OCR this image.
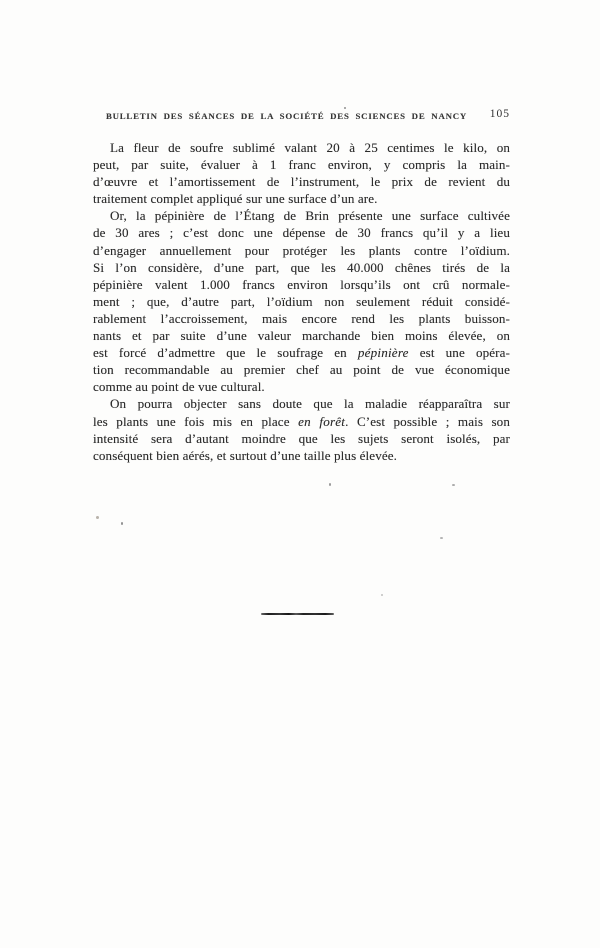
BULLETIN DES SÉANCES DE LA SOCIÉTÉ DES SCIENCES DE NANCY	105
La fleur de soufre sublimé valant 20 à 25 centimes le kilo, on
peut, par suite, évaluer à 1 franc environ, y compris la main-
d’œuvre et l’amortissement de l’instrument, le prix de revient du
traitement complet appliqué sur une surface d’un are.
Or, la pépinière de l’Étang de Brin présente une surface cultivée
de 30 ares ; c’est donc une dépense de 30 francs qu’il y a lieu
d’engager annuellement pour protéger les plants contre l’oïdium.
Si l’on considère, d’une part, que les 40.000 chênes tirés de la
pépinière valent 1.000 francs environ lorsqu’ils ont crû normale-
ment ; que, d’autre part, l’oïdium non seulement réduit considé-
rablement l’accroissement, mais encore rend les plants buisson-
nants et par suite d’une valeur marchande bien moins élevée, on
est forcé d’admettre que le soufrage en pépinière est une opéra-
tion recommandable au premier chef au point de vue économique
comme au point de vue cultural.
On pourra objecter sans doute que la maladie réapparaîtra sur
les plants une fois mis en place en forêt. C’est possible ; mais son
intensité sera d’autant moindre que les sujets seront isolés, par
conséquent bien aérés, et surtout d’une taille plus élevée.
